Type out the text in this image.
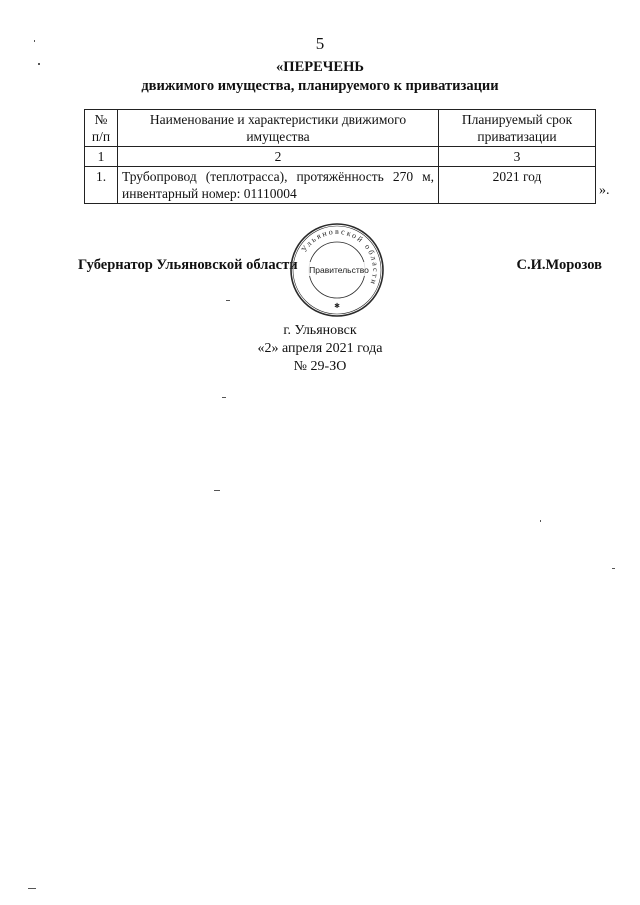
5
«ПЕРЕЧЕНЬ
движимого имущества, планируемого к приватизации
№ п/п	Наименование и характеристики движимого имущества	Планируемый срок приватизации
1	2	3
1.	Трубопровод (теплотрасса), протяжённость 270 м, инвентарный номер: 01110004	2021 год
».
Губернатор Ульяновской области	С.И.Морозов
Ульяновской области
Правительство
✱
г. Ульяновск
«2» апреля 2021 года
№ 29-ЗО
